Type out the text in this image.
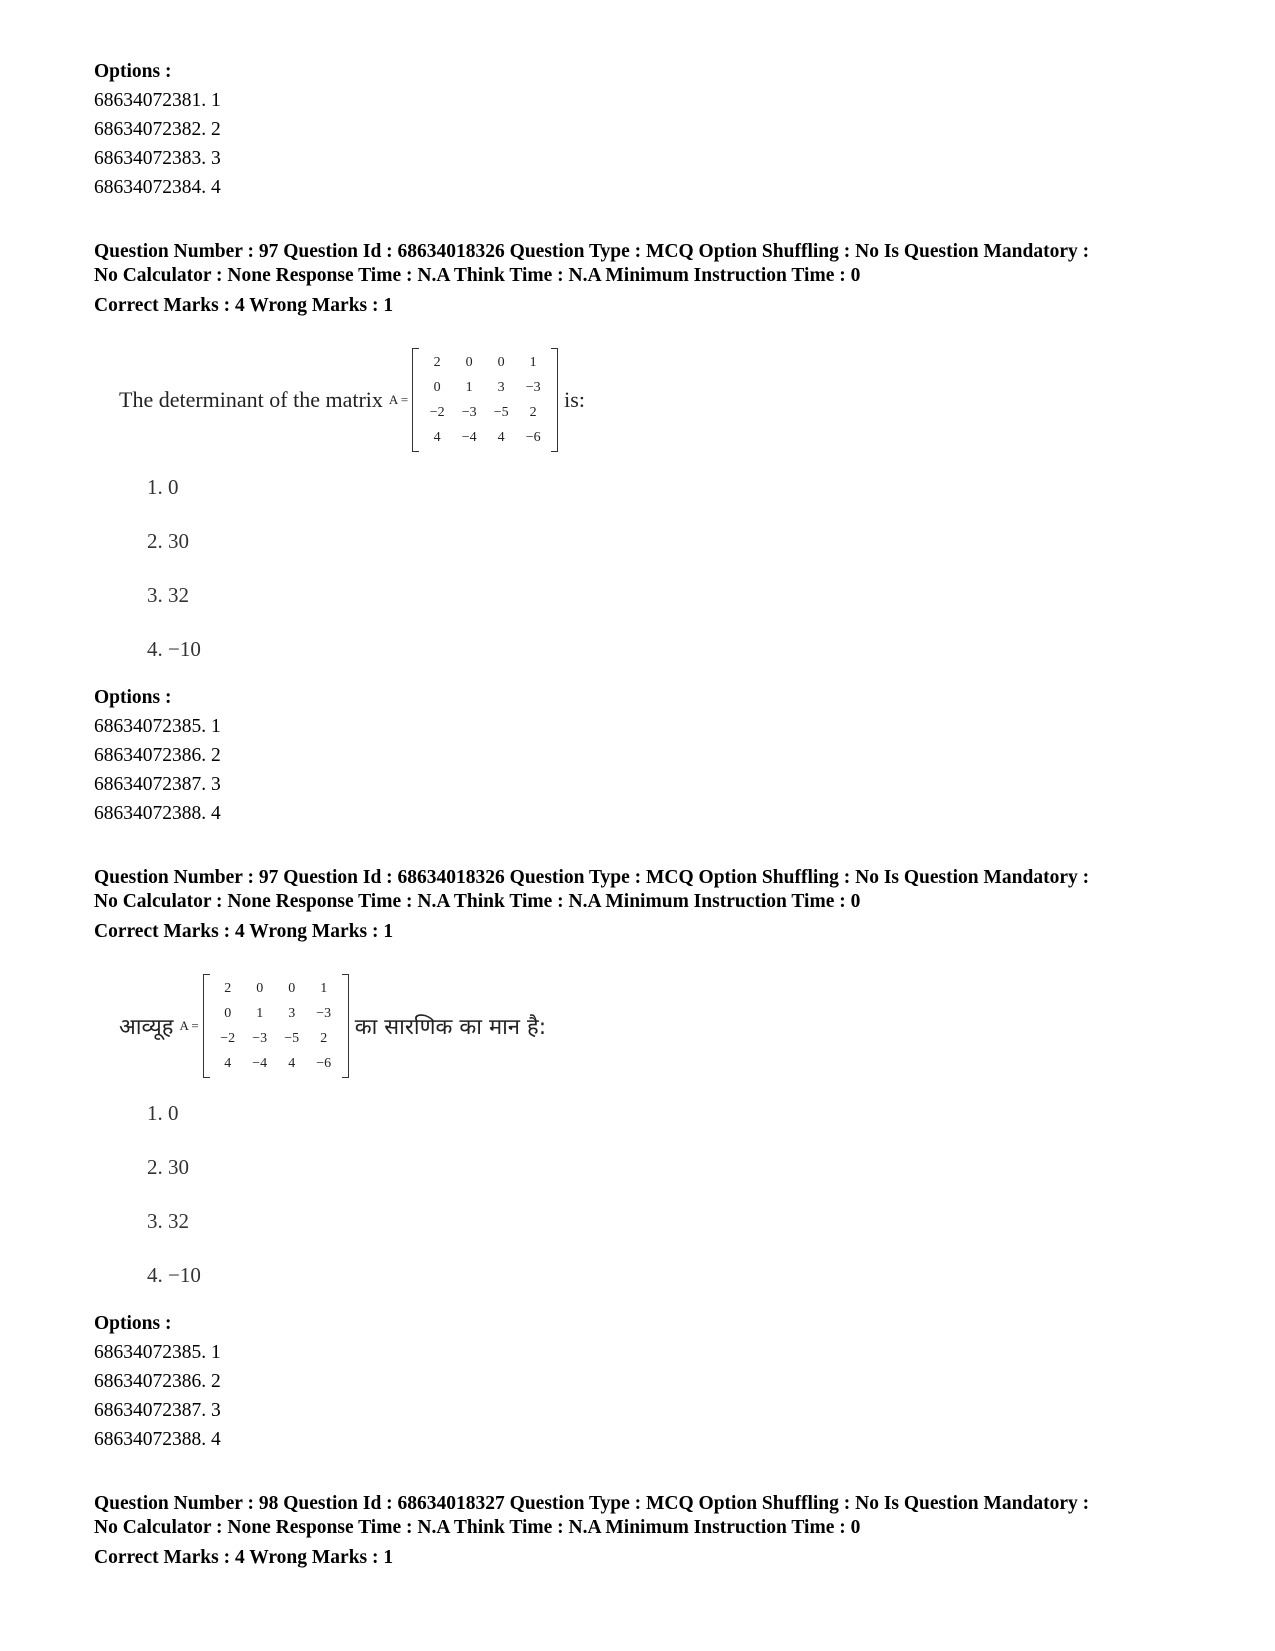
Options :
68634072381. 1
68634072382. 2
68634072383. 3
68634072384. 4
Question Number : 97 Question Id : 68634018326 Question Type : MCQ Option Shuffling : No Is Question Mandatory :
No Calculator : None Response Time : N.A Think Time : N.A Minimum Instruction Time : 0
Correct Marks : 4 Wrong Marks : 1
The determinant of the matrix A =
2	0	0	1
0	1	3	−3
−2	−3	−5	2
4	−4	4	−6
is:
1. 0
2. 30
3. 32
4. −10
Options :
68634072385. 1
68634072386. 2
68634072387. 3
68634072388. 4
Question Number : 97 Question Id : 68634018326 Question Type : MCQ Option Shuffling : No Is Question Mandatory :
No Calculator : None Response Time : N.A Think Time : N.A Minimum Instruction Time : 0
Correct Marks : 4 Wrong Marks : 1
आव्यूह A =
2	0	0	1
0	1	3	−3
−2	−3	−5	2
4	−4	4	−6
का सारणिक का मान है:
1. 0
2. 30
3. 32
4. −10
Options :
68634072385. 1
68634072386. 2
68634072387. 3
68634072388. 4
Question Number : 98 Question Id : 68634018327 Question Type : MCQ Option Shuffling : No Is Question Mandatory :
No Calculator : None Response Time : N.A Think Time : N.A Minimum Instruction Time : 0
Correct Marks : 4 Wrong Marks : 1
